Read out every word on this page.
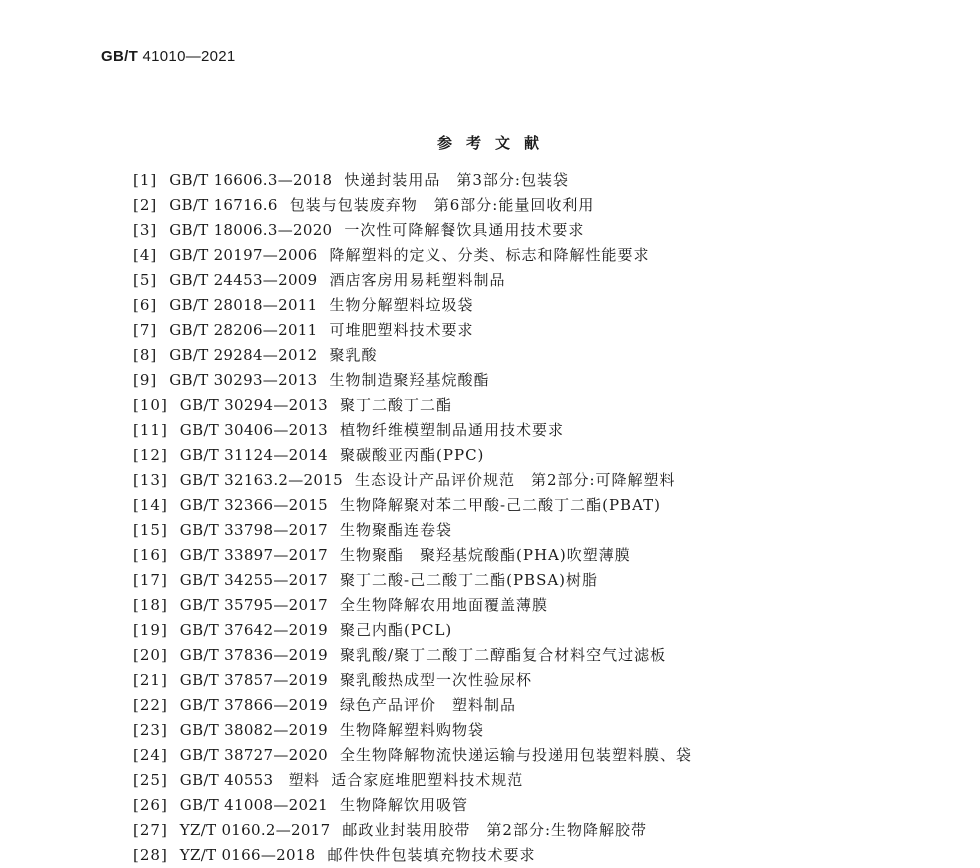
GB/T 41010—2021
参考文献
[1] GB/T 16606.3—2018 快递封装用品　第3部分:包装袋
[2] GB/T 16716.6 包装与包装废弃物　第6部分:能量回收利用
[3] GB/T 18006.3—2020 一次性可降解餐饮具通用技术要求
[4] GB/T 20197—2006 降解塑料的定义、分类、标志和降解性能要求
[5] GB/T 24453—2009 酒店客房用易耗塑料制品
[6] GB/T 28018—2011 生物分解塑料垃圾袋
[7] GB/T 28206—2011 可堆肥塑料技术要求
[8] GB/T 29284—2012 聚乳酸
[9] GB/T 30293—2013 生物制造聚羟基烷酸酯
[10] GB/T 30294—2013 聚丁二酸丁二酯
[11] GB/T 30406—2013 植物纤维模塑制品通用技术要求
[12] GB/T 31124—2014 聚碳酸亚丙酯(PPC)
[13] GB/T 32163.2—2015 生态设计产品评价规范　第2部分:可降解塑料
[14] GB/T 32366—2015 生物降解聚对苯二甲酸-己二酸丁二酯(PBAT)
[15] GB/T 33798—2017 生物聚酯连卷袋
[16] GB/T 33897—2017 生物聚酯　聚羟基烷酸酯(PHA)吹塑薄膜
[17] GB/T 34255—2017 聚丁二酸-己二酸丁二酯(PBSA)树脂
[18] GB/T 35795—2017 全生物降解农用地面覆盖薄膜
[19] GB/T 37642—2019 聚己内酯(PCL)
[20] GB/T 37836—2019 聚乳酸/聚丁二酸丁二醇酯复合材料空气过滤板
[21] GB/T 37857—2019 聚乳酸热成型一次性验尿杯
[22] GB/T 37866—2019 绿色产品评价　塑料制品
[23] GB/T 38082—2019 生物降解塑料购物袋
[24] GB/T 38727—2020 全生物降解物流快递运输与投递用包装塑料膜、袋
[25] GB/T 40553　塑料 适合家庭堆肥塑料技术规范
[26] GB/T 41008—2021 生物降解饮用吸管
[27] YZ/T 0160.2—2017 邮政业封装用胶带　第2部分:生物降解胶带
[28] YZ/T 0166—2018 邮件快件包装填充物技术要求
